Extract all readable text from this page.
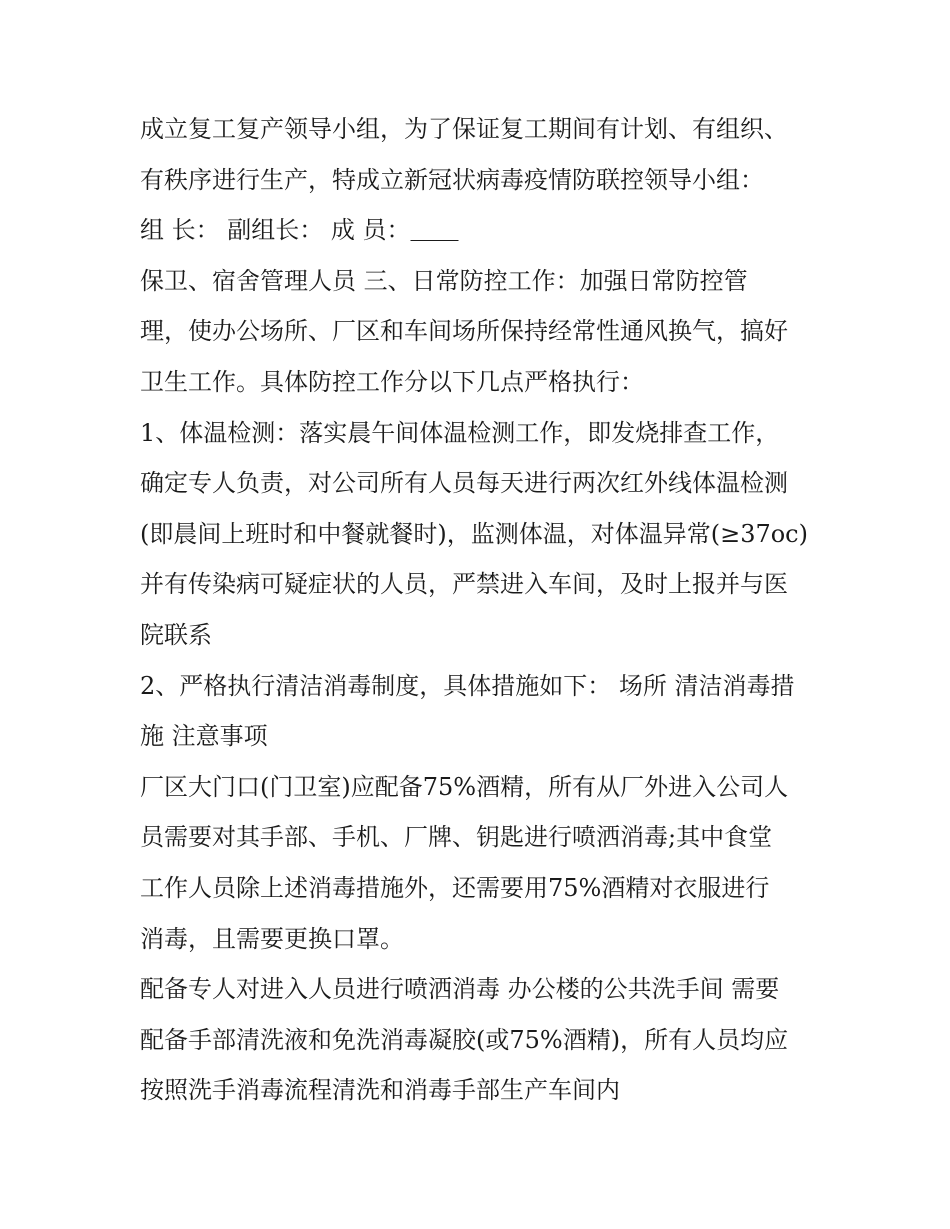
成立复工复产领导小组，为了保证复工期间有计划、有组织、

有秩序进行生产，特成立新冠状病毒疫情防联控领导小组：

组 长： 副组长： 成 员：＿＿

保卫、宿舍管理人员 三、日常防控工作：加强日常防控管

理，使办公场所、厂区和车间场所保持经常性通风换气，搞好

卫生工作。具体防控工作分以下几点严格执行：

1、体温检测：落实晨午间体温检测工作，即发烧排查工作，

确定专人负责，对公司所有人员每天进行两次红外线体温检测

(即晨间上班时和中餐就餐时)，监测体温，对体温异常(≥37oc)

并有传染病可疑症状的人员，严禁进入车间，及时上报并与医

院联系

2、严格执行清洁消毒制度，具体措施如下： 场所 清洁消毒措

施 注意事项

厂区大门口(门卫室)应配备75%酒精，所有从厂外进入公司人

员需要对其手部、手机、厂牌、钥匙进行喷洒消毒;其中食堂

工作人员除上述消毒措施外，还需要用75%酒精对衣服进行

消毒，且需要更换口罩。

配备专人对进入人员进行喷洒消毒 办公楼的公共洗手间 需要

配备手部清洗液和免洗消毒凝胶(或75%酒精)，所有人员均应

按照洗手消毒流程清洗和消毒手部生产车间内
